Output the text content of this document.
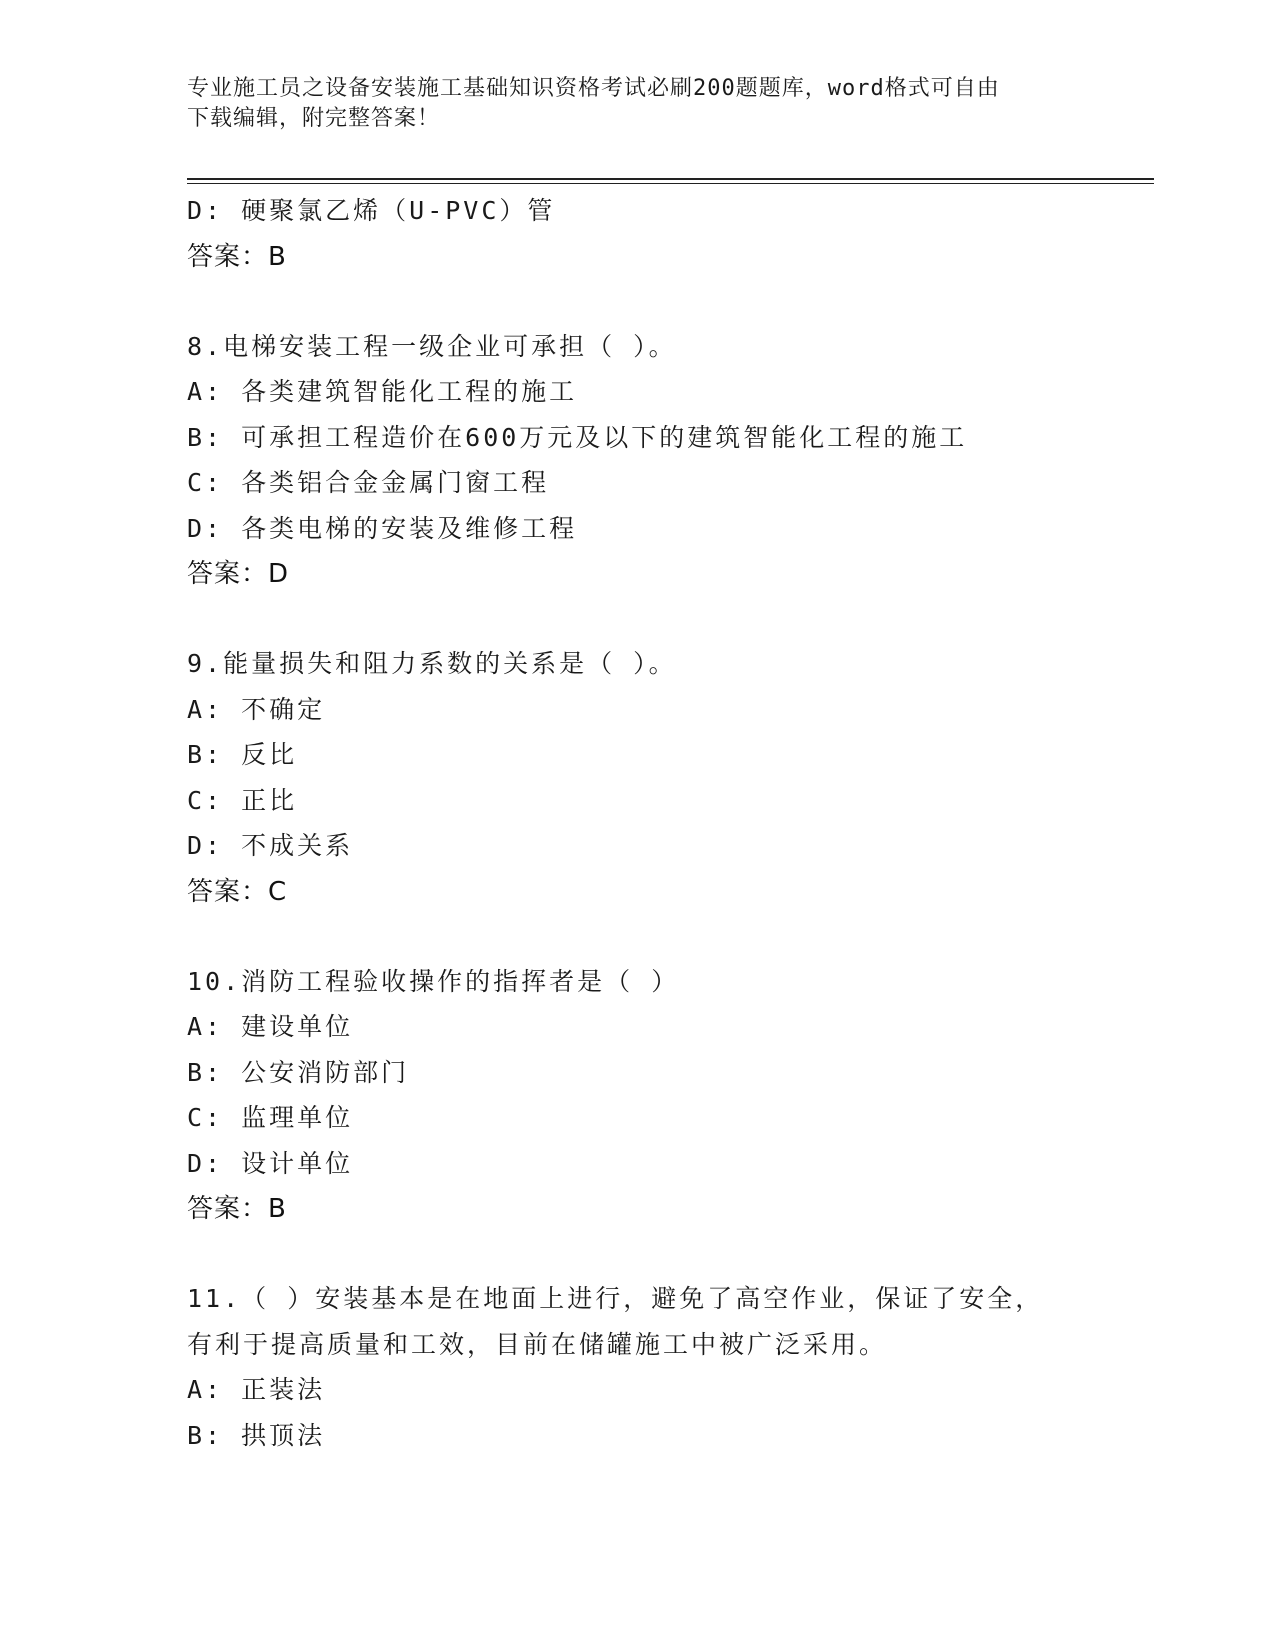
专业施工员之设备安装施工基础知识资格考试必刷200题题库，word格式可自由
下载编辑，附完整答案！
D: 硬聚氯乙烯（U-PVC）管
答案：B
8.电梯安装工程一级企业可承担（ ）。
A: 各类建筑智能化工程的施工
B: 可承担工程造价在600万元及以下的建筑智能化工程的施工
C: 各类铝合金金属门窗工程
D: 各类电梯的安装及维修工程
答案：D
9.能量损失和阻力系数的关系是（ ）。
A: 不确定
B: 反比
C: 正比
D: 不成关系
答案：C
10.消防工程验收操作的指挥者是（ ）
A: 建设单位
B: 公安消防部门
C: 监理单位
D: 设计单位
答案：B
11.（ ）安装基本是在地面上进行，避免了高空作业，保证了安全，
有利于提高质量和工效，目前在储罐施工中被广泛采用。
A: 正装法
B: 拱顶法
